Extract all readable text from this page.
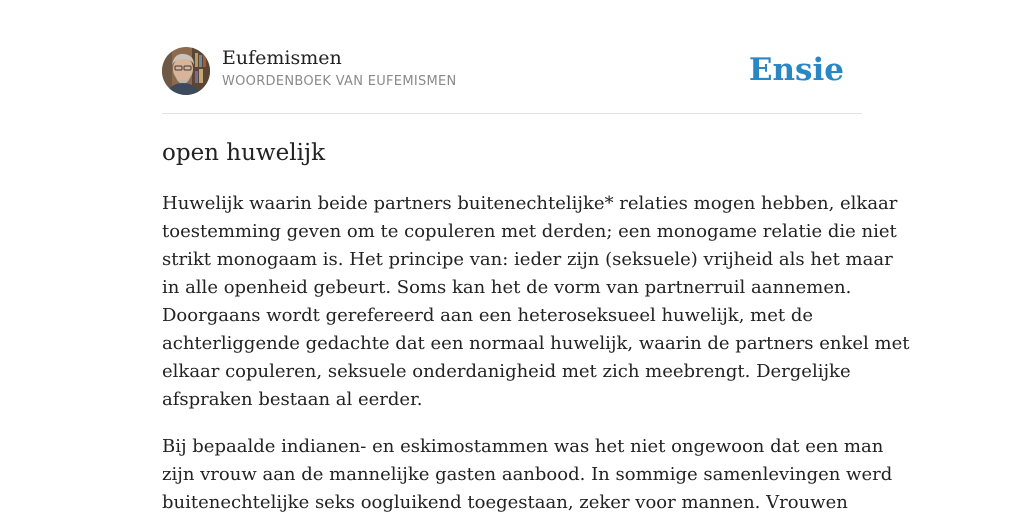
Eufemismen
WOORDENBOEK VAN EUFEMISMEN	Ensie
open huwelijk

Huwelijk waarin beide partners buitenechtelijke* relaties mogen hebben, elkaar
toestemming geven om te copuleren met derden; een monogame relatie die niet
strikt monogaam is. Het principe van: ieder zijn (seksuele) vrijheid als het maar
in alle openheid gebeurt. Soms kan het de vorm van partnerruil aannemen.
Doorgaans wordt gerefereerd aan een heteroseksueel huwelijk, met de
achterliggende gedachte dat een normaal huwelijk, waarin de partners enkel met
elkaar copuleren, seksuele onderdanigheid met zich meebrengt. Dergelijke
afspraken bestaan al eerder.

Bij bepaalde indianen- en eskimostammen was het niet ongewoon dat een man
zijn vrouw aan de mannelijke gasten aanbood. In sommige samenlevingen werd
buitenechtelijke seks oogluikend toegestaan, zeker voor mannen. Vrouwen
